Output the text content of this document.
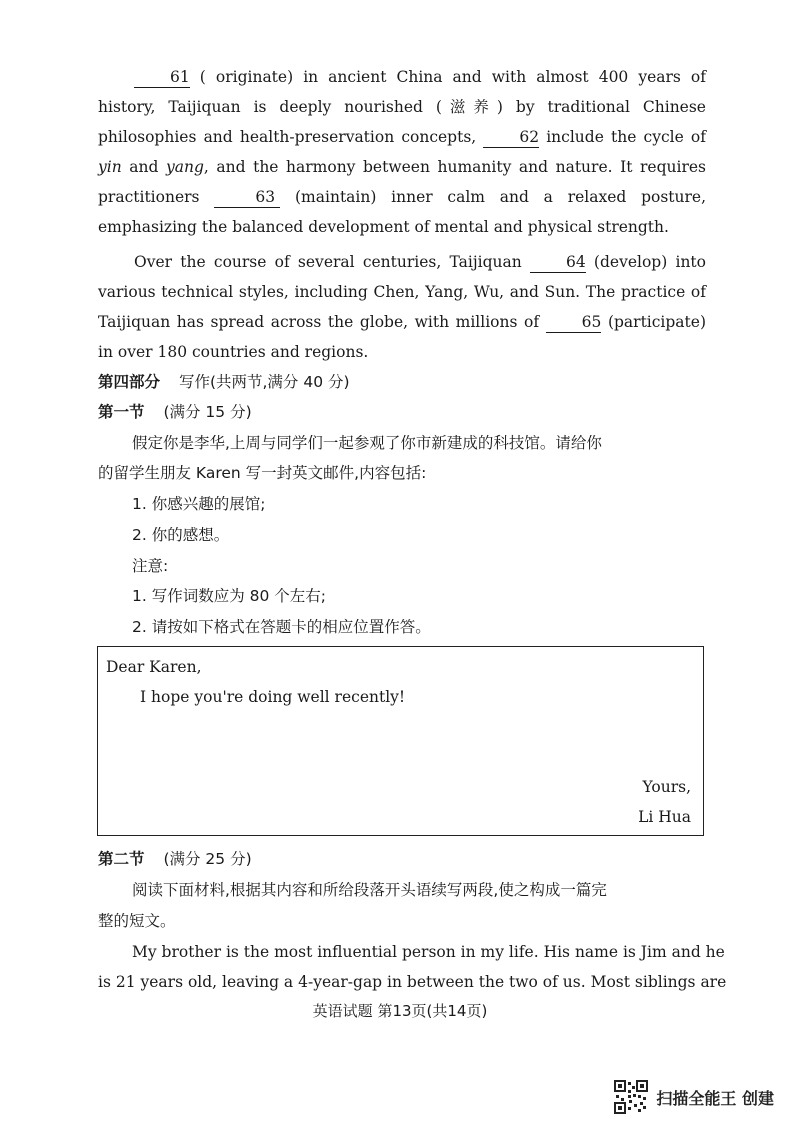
61 ( originate) in ancient China and with almost 400 years of history, Taijiquan is deeply nourished (滋养) by traditional Chinese philosophies and health-preservation concepts, 62 include the cycle of yin and yang, and the harmony between humanity and nature. It requires practitioners	63 (maintain) inner calm and a relaxed posture, emphasizing the balanced development of mental and physical strength.

Over the course of several centuries, Taijiquan 64 (develop) into various technical styles, including Chen, Yang, Wu, and Sun. The practice of Taijiquan has spread across the globe, with millions of 65 (participate) in over 180 countries and regions.

第四部分 写作(共两节,满分 40 分)
第一节 (满分 15 分)
假定你是李华,上周与同学们一起参观了你市新建成的科技馆。请给你
的留学生朋友 Karen 写一封英文邮件,内容包括:
1. 你感兴趣的展馆;
2. 你的感想。
注意:
1. 写作词数应为 80 个左右;
2. 请按如下格式在答题卡的相应位置作答。
Dear Karen,
I hope you're doing well recently!
Yours,
Li Hua
第二节 (满分 25 分)
阅读下面材料,根据其内容和所给段落开头语续写两段,使之构成一篇完
整的短文。
My brother is the most influential person in my life. His name is Jim and he
is 21 years old, leaving a 4-year-gap in between the two of us. Most siblings are
英语试题 第13页(共14页)
扫描全能王 创建
